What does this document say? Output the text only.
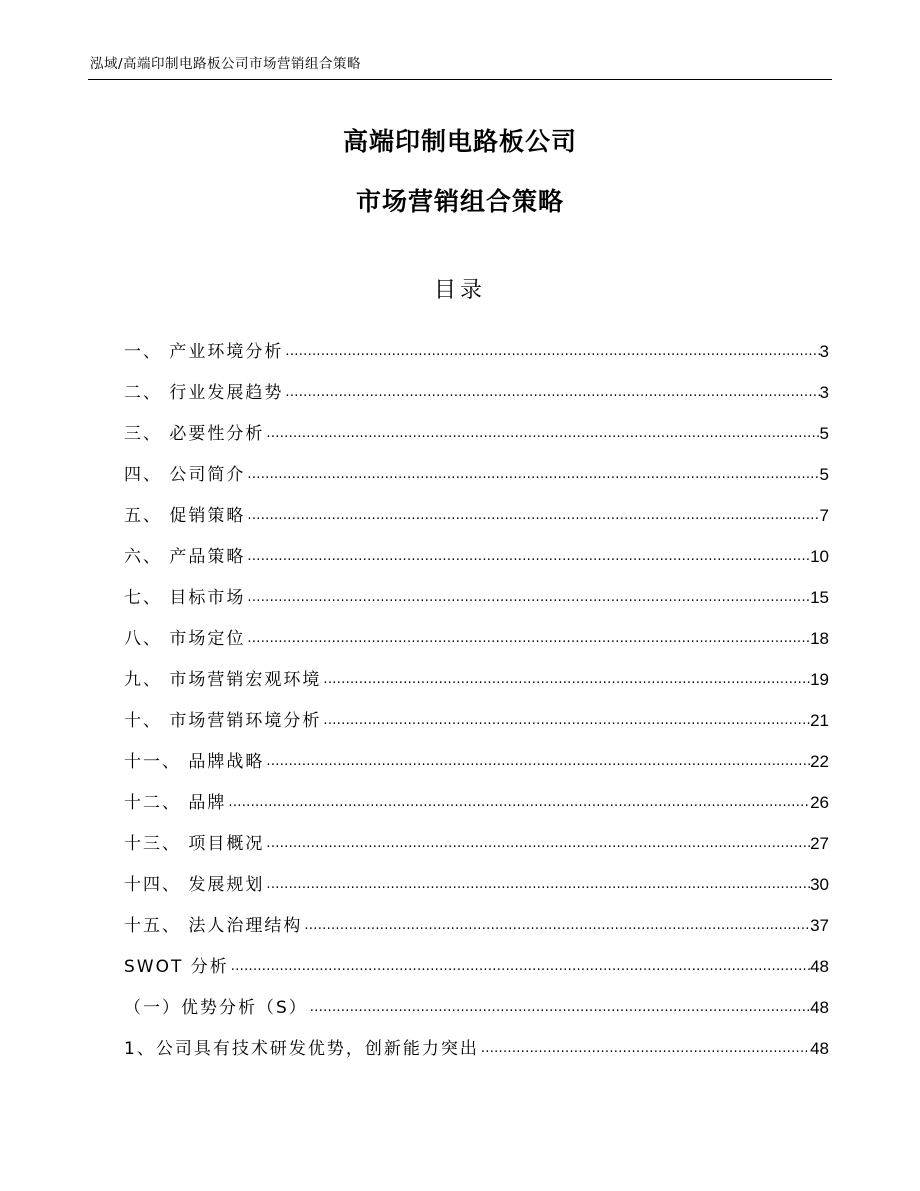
泓域/高端印制电路板公司市场营销组合策略
高端印制电路板公司
市场营销组合策略
目录
一、 产业环境分析 .....	3
二、 行业发展趋势 .....	3
三、 必要性分析 .....	5
四、 公司简介 .....	5
五、 促销策略 .....	7
六、 产品策略 .....	10
七、 目标市场 .....	15
八、 市场定位 .....	18
九、 市场营销宏观环境 .....	19
十、 市场营销环境分析 .....	21
十一、 品牌战略 .....	22
十二、 品牌 .....	26
十三、 项目概况 .....	27
十四、 发展规划 .....	30
十五、 法人治理结构 .....	37
SWOT 分析 .....	48
（一）优势分析（S） .....	48
1、公司具有技术研发优势，创新能力突出 .....	48
